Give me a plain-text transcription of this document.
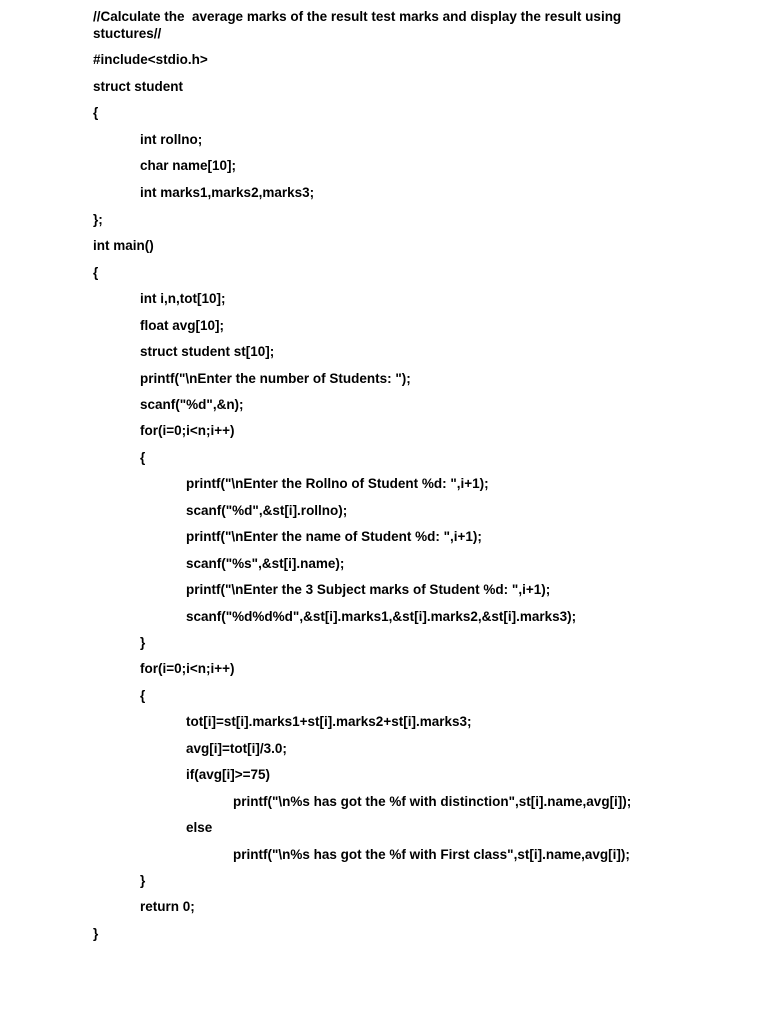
//Calculate the  average marks of the result test marks and display the result using
stuctures//
#include<stdio.h>
struct student
{
int rollno;
char name[10];
int marks1,marks2,marks3;
};
int main()
{
int i,n,tot[10];
float avg[10];
struct student st[10];
printf("\nEnter the number of Students: ");
scanf("%d",&n);
for(i=0;i<n;i++)
{
printf("\nEnter the Rollno of Student %d: ",i+1);
scanf("%d",&st[i].rollno);
printf("\nEnter the name of Student %d: ",i+1);
scanf("%s",&st[i].name);
printf("\nEnter the 3 Subject marks of Student %d: ",i+1);
scanf("%d%d%d",&st[i].marks1,&st[i].marks2,&st[i].marks3);
}
for(i=0;i<n;i++)
{
tot[i]=st[i].marks1+st[i].marks2+st[i].marks3;
avg[i]=tot[i]/3.0;
if(avg[i]>=75)
printf("\n%s has got the %f with distinction",st[i].name,avg[i]);
else
printf("\n%s has got the %f with First class",st[i].name,avg[i]);
}
return 0;
}
